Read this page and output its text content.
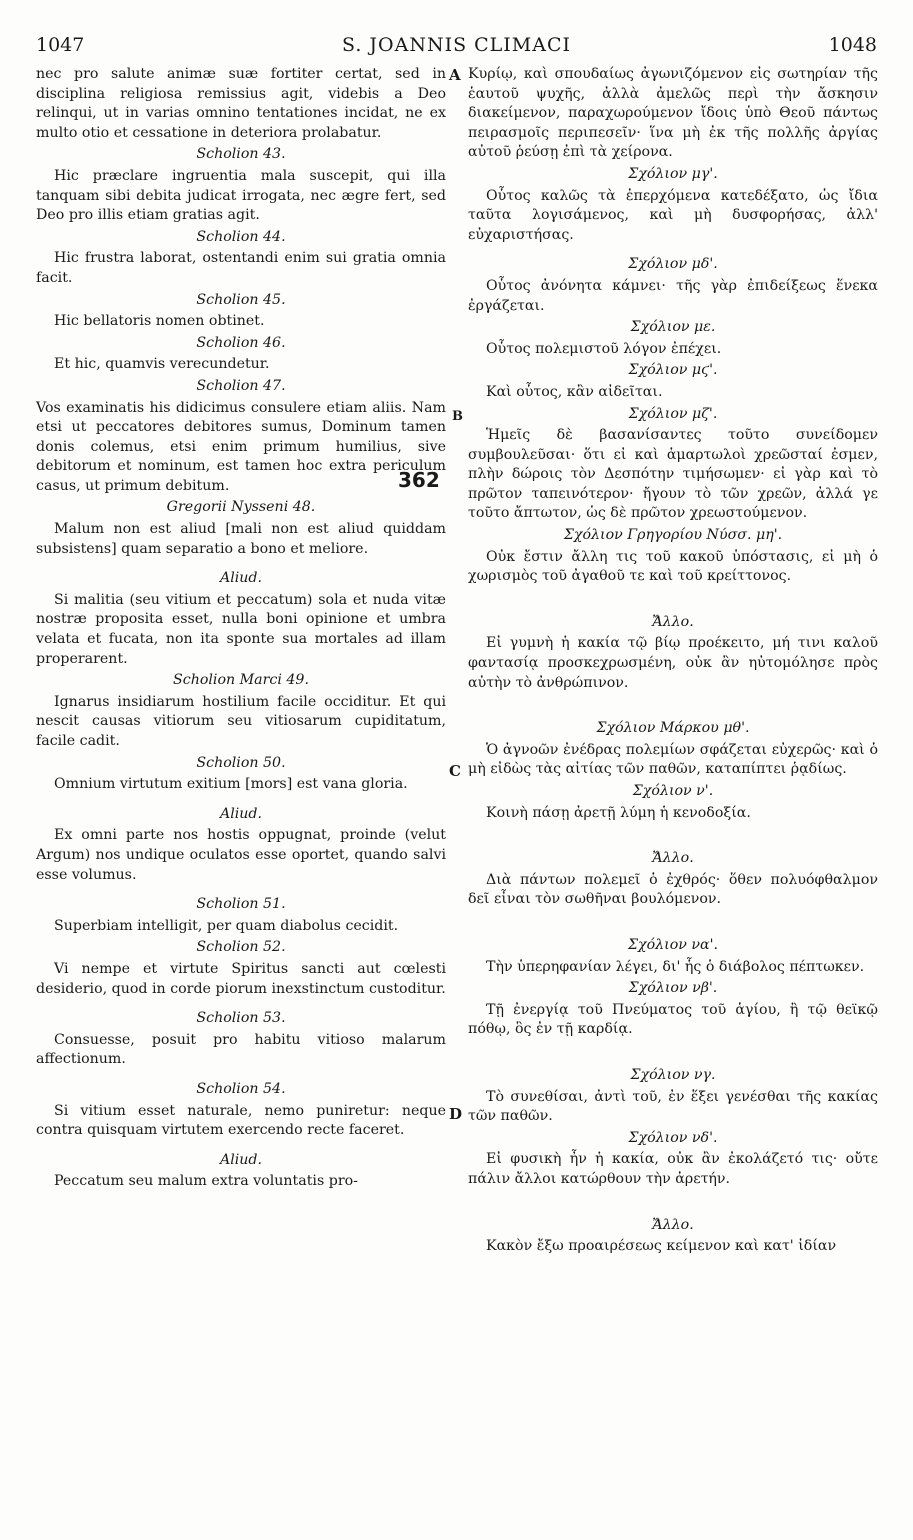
1047	S. JOANNIS CLIMACI	1048
A
B
C
D
362

nec pro salute animæ suæ fortiter certat, sed in disciplina religiosa remissius agit, videbis a Deo relinqui, ut in varias omnino tentationes incidat, ne ex multo otio et cessatione in deteriora prolabatur.

Scholion 43.

Hic præclare ingruentia mala suscepit, qui illa tanquam sibi debita judicat irrogata, nec ægre fert, sed Deo pro illis etiam gratias agit.

Scholion 44.

Hic frustra laborat, ostentandi enim sui gratia omnia facit.

Scholion 45.

Hic bellatoris nomen obtinet.

Scholion 46.

Et hic, quamvis verecundetur.

Scholion 47.

Vos examinatis his didicimus consulere etiam aliis. Nam etsi ut peccatores debitores sumus, Dominum tamen donis colemus, etsi enim primum humilius, sive debitorum et nominum, est tamen hoc extra periculum casus, ut primum debitum.

Gregorii Nysseni 48.

Malum non est aliud [mali non est aliud quiddam subsistens] quam separatio a bono et meliore.

Aliud.

Si malitia (seu vitium et peccatum) sola et nuda vitæ nostræ proposita esset, nulla boni opinione et umbra velata et fucata, non ita sponte sua mortales ad illam properarent.

Scholion Marci 49.

Ignarus insidiarum hostilium facile occiditur. Et qui nescit causas vitiorum seu vitiosarum cupiditatum, facile cadit.

Scholion 50.

Omnium virtutum exitium [mors] est vana gloria.

Aliud.

Ex omni parte nos hostis oppugnat, proinde (velut Argum) nos undique oculatos esse oportet, quando salvi esse volumus.

Scholion 51.

Superbiam intelligit, per quam diabolus cecidit.

Scholion 52.

Vi nempe et virtute Spiritus sancti aut cœlesti desiderio, quod in corde piorum inexstinctum custoditur.

Scholion 53.

Consuesse, posuit pro habitu vitioso malarum affectionum.

Scholion 54.

Si vitium esset naturale, nemo puniretur: neque contra quisquam virtutem exercendo recte faceret.

Aliud.

Peccatum seu malum extra voluntatis pro-

Κυρίῳ, καὶ σπουδαίως ἀγωνιζόμενον εἰς σωτηρίαν τῆς ἑαυτοῦ ψυχῆς, ἀλλὰ ἀμελῶς περὶ τὴν ἄσκησιν διακείμενον, παραχωρούμενον ἴδοις ὑπὸ Θεοῦ πάντως πειρασμοῖς περιπεσεῖν· ἵνα μὴ ἐκ τῆς πολλῆς ἀργίας αὐτοῦ ῥεύσῃ ἐπὶ τὰ χείρονα.

Σχόλιον μγ'.

Οὗτος καλῶς τὰ ἐπερχόμενα κατεδέξατο, ὡς ἴδια ταῦτα λογισάμενος, καὶ μὴ δυσφορήσας, ἀλλ' εὐχαριστήσας.

Σχόλιον μδ'.

Οὗτος ἀνόνητα κάμνει· τῆς γὰρ ἐπιδείξεως ἕνεκα ἐργάζεται.

Σχόλιον με.

Οὗτος πολεμιστοῦ λόγον ἐπέχει.

Σχόλιον μϛ'.

Καὶ οὗτος, κἂν αἰδεῖται.

Σχόλιον μζ'.

Ἡμεῖς δὲ βασανίσαντες τοῦτο συνείδομεν συμβουλεῦσαι· ὅτι εἰ καὶ ἁμαρτωλοὶ χρεῶσταί ἐσμεν, πλὴν δώροις τὸν Δεσπότην τιμήσωμεν· εἰ γὰρ καὶ τὸ πρῶτον ταπεινότερον· ἤγουν τὸ τῶν χρεῶν, ἀλλά γε τοῦτο ἄπτωτον, ὡς δὲ πρῶτον χρεωστούμενον.

Σχόλιον Γρηγορίου Νύσσ. μη'.

Οὐκ ἔστιν ἄλλη τις τοῦ κακοῦ ὑπόστασις, εἰ μὴ ὁ χωρισμὸς τοῦ ἀγαθοῦ τε καὶ τοῦ κρείττονος.

Ἄλλο.

Εἰ γυμνὴ ἡ κακία τῷ βίῳ προέκειτο, μή τινι καλοῦ φαντασίᾳ προσκεχρωσμένη, οὐκ ἂν ηὐτομόλησε πρὸς αὐτὴν τὸ ἀνθρώπινον.

Σχόλιον Μάρκου μθ'.

Ὁ ἀγνοῶν ἐνέδρας πολεμίων σφάζεται εὐχερῶς· καὶ ὁ μὴ εἰδὼς τὰς αἰτίας τῶν παθῶν, καταπίπτει ῥᾳδίως.

Σχόλιον ν'.

Κοινὴ πάσῃ ἀρετῇ λύμη ἡ κενοδοξία.

Ἄλλο.

Διὰ πάντων πολεμεῖ ὁ ἐχθρός· ὅθεν πολυόφθαλμον δεῖ εἶναι τὸν σωθῆναι βουλόμενον.

Σχόλιον να'.

Τὴν ὑπερηφανίαν λέγει, δι' ἧς ὁ διάβολος πέπτωκεν.

Σχόλιον νβ'.

Τῇ ἐνεργίᾳ τοῦ Πνεύματος τοῦ ἁγίου, ἢ τῷ θεϊκῷ πόθῳ, ὃς ἐν τῇ καρδίᾳ.

Σχόλιον νγ.

Τὸ συνεθίσαι, ἀντὶ τοῦ, ἐν ἕξει γενέσθαι τῆς κακίας τῶν παθῶν.

Σχόλιον νδ'.

Εἰ φυσικὴ ἦν ἡ κακία, οὐκ ἂν ἐκολάζετό τις· οὔτε πάλιν ἄλλοι κατώρθουν τὴν ἀρετήν.

Ἄλλο.

Κακὸν ἔξω προαιρέσεως κείμενον καὶ κατ' ἰδίαν
